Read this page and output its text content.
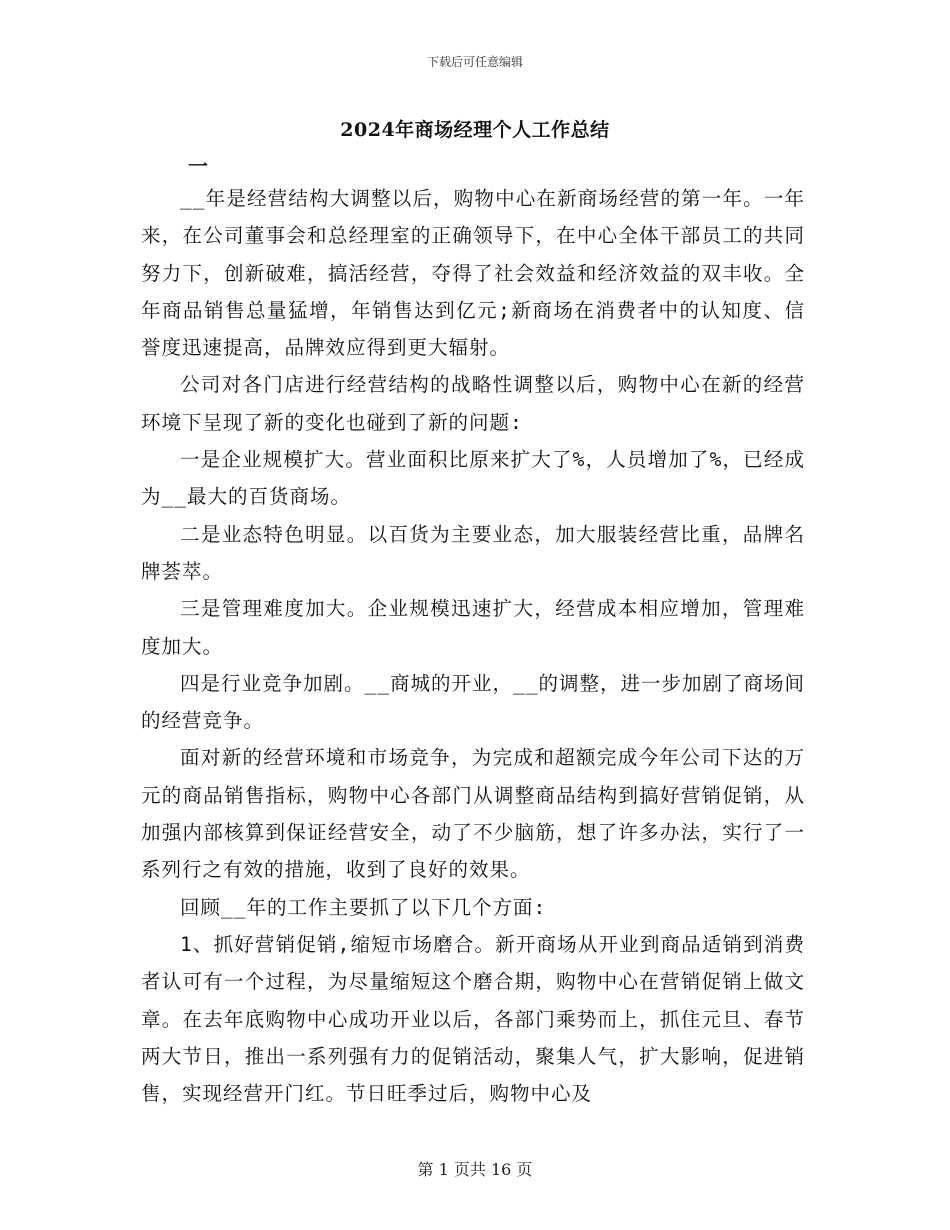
下载后可任意编辑
2024年商场经理个人工作总结
一

__年是经营结构大调整以后，购物中心在新商场经营的第一年。一年来，在公司董事会和总经理室的正确领导下，在中心全体干部员工的共同努力下，创新破难，搞活经营，夺得了社会效益和经济效益的双丰收。全年商品销售总量猛增，年销售达到亿元;新商场在消费者中的认知度、信誉度迅速提高，品牌效应得到更大辐射。

公司对各门店进行经营结构的战略性调整以后，购物中心在新的经营环境下呈现了新的变化也碰到了新的问题:

一是企业规模扩大。营业面积比原来扩大了%，人员增加了%，已经成为__最大的百货商场。

二是业态特色明显。以百货为主要业态，加大服装经营比重，品牌名牌荟萃。

三是管理难度加大。企业规模迅速扩大，经营成本相应增加，管理难度加大。

四是行业竞争加剧。__商城的开业，__的调整，进一步加剧了商场间的经营竞争。

面对新的经营环境和市场竞争，为完成和超额完成今年公司下达的万元的商品销售指标，购物中心各部门从调整商品结构到搞好营销促销，从加强内部核算到保证经营安全，动了不少脑筋，想了许多办法，实行了一系列行之有效的措施，收到了良好的效果。

回顾__年的工作主要抓了以下几个方面:

1、抓好营销促销,缩短市场磨合。新开商场从开业到商品适销到消费者认可有一个过程，为尽量缩短这个磨合期，购物中心在营销促销上做文章。在去年底购物中心成功开业以后，各部门乘势而上，抓住元旦、春节两大节日，推出一系列强有力的促销活动，聚集人气，扩大影响，促进销售，实现经营开门红。节日旺季过后，购物中心及

第 1 页共 16 页
